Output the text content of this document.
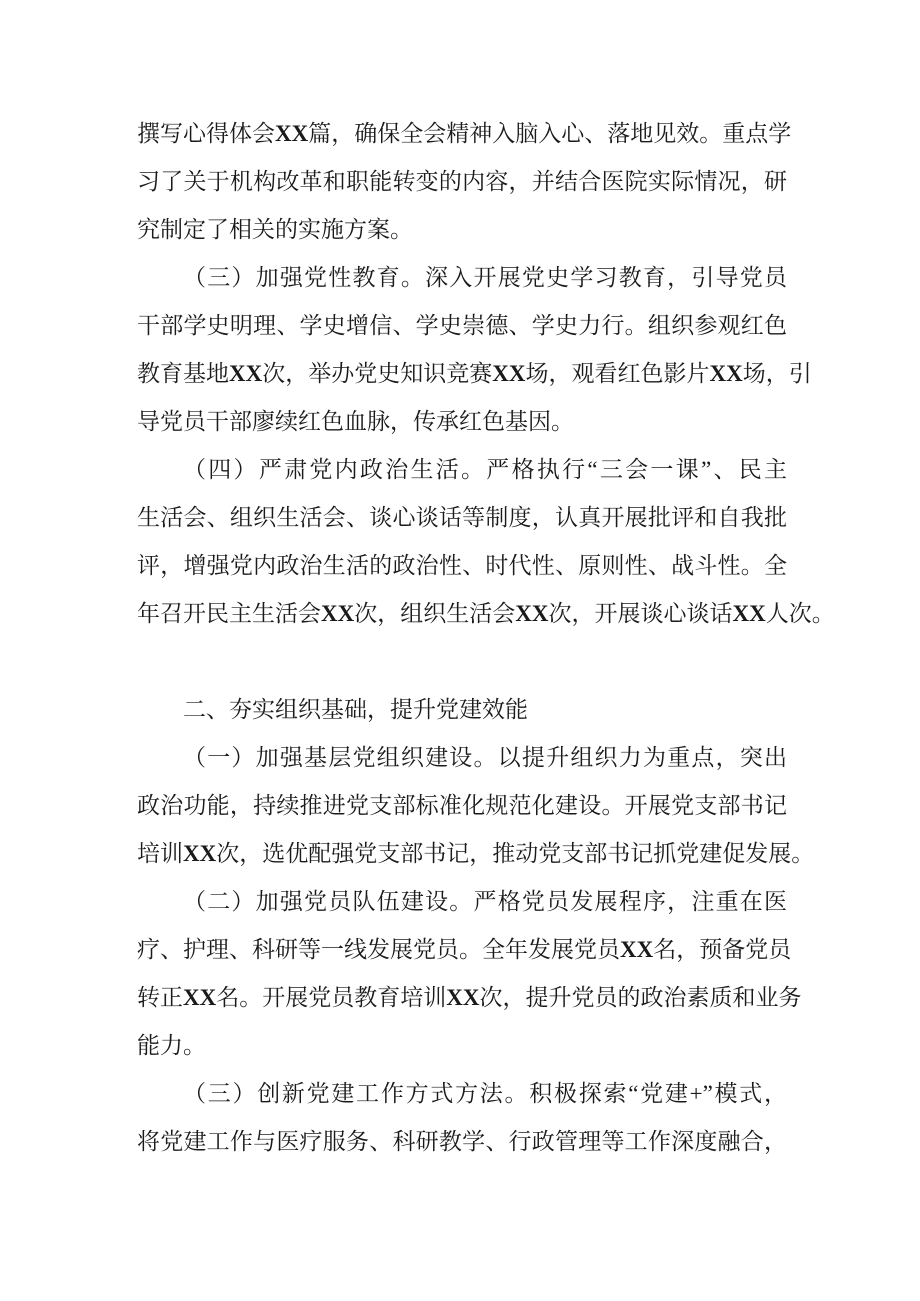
撰写心得体会XX篇，确保全会精神入脑入心、落地见效。重点学
习了关于机构改革和职能转变的内容，并结合医院实际情况，研
究制定了相关的实施方案。
（三）加强党性教育。深入开展党史学习教育，引导党员
干部学史明理、学史增信、学史崇德、学史力行。组织参观红色
教育基地XX次，举办党史知识竞赛XX场，观看红色影片XX场，引
导党员干部廖续红色血脉，传承红色基因。
（四）严肃党内政治生活。严格执行“三会一课”、民主
生活会、组织生活会、谈心谈话等制度，认真开展批评和自我批
评，增强党内政治生活的政治性、时代性、原则性、战斗性。全
年召开民主生活会XX次，组织生活会XX次，开展谈心谈话XX人次。
二、夯实组织基础，提升党建效能
（一）加强基层党组织建设。以提升组织力为重点，突出
政治功能，持续推进党支部标准化规范化建设。开展党支部书记
培训XX次，选优配强党支部书记，推动党支部书记抓党建促发展。
（二）加强党员队伍建设。严格党员发展程序，注重在医
疗、护理、科研等一线发展党员。全年发展党员XX名，预备党员
转正XX名。开展党员教育培训XX次，提升党员的政治素质和业务
能力。
（三）创新党建工作方式方法。积极探索“党建+”模式，
将党建工作与医疗服务、科研教学、行政管理等工作深度融合，
